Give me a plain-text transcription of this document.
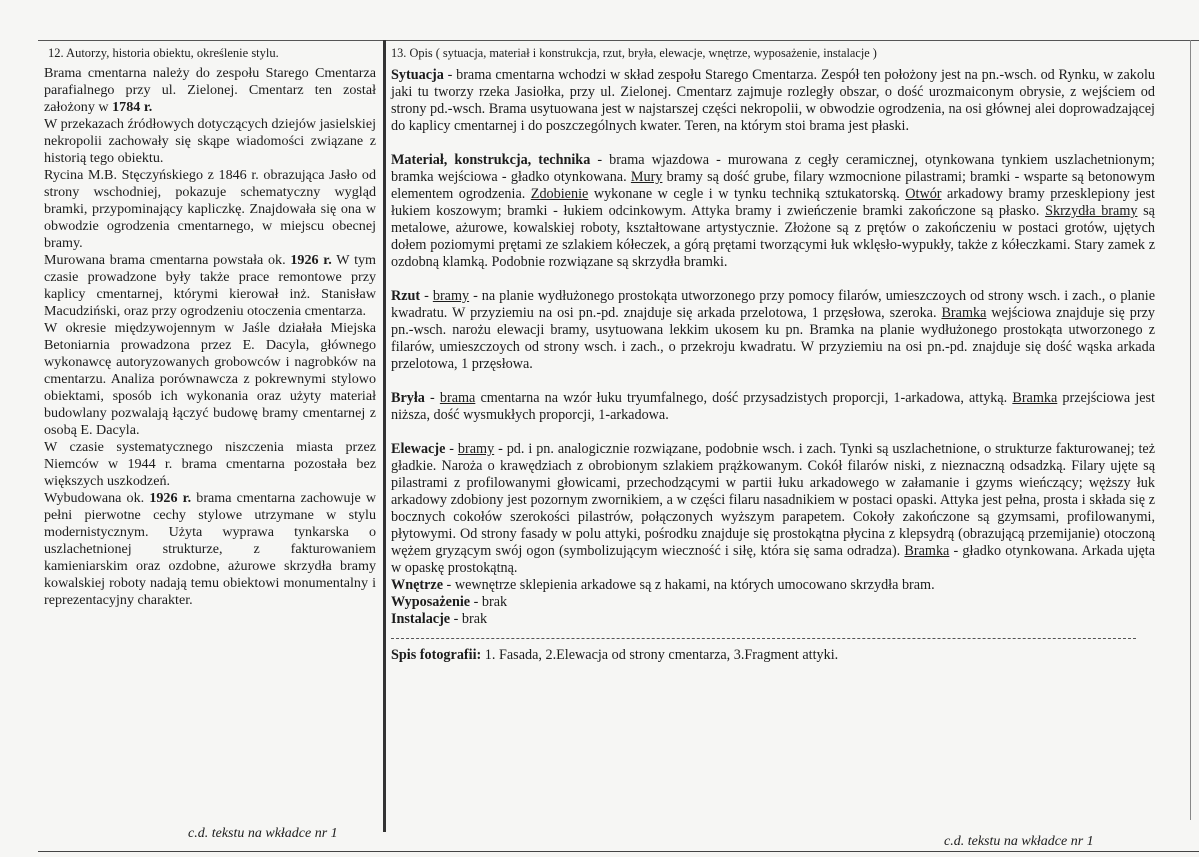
12. Autorzy, historia obiektu, określenie stylu.

Brama cmentarna należy do zespołu Starego Cmentarza parafialnego przy ul. Zielonej. Cmentarz ten został założony w 1784 r.

W przekazach źródłowych dotyczących dziejów jasielskiej nekropolii zachowały się skąpe wiadomości związane z historią tego obiektu.

Rycina M.B. Stęczyńskiego z 1846 r. obrazująca Jasło od strony wschodniej, pokazuje schematyczny wygląd bramki, przypominający kapliczkę. Znajdowała się ona w obwodzie ogrodzenia cmentarnego, w miejscu obecnej bramy.

Murowana brama cmentarna powstała ok. 1926 r. W tym czasie prowadzone były także prace remontowe przy kaplicy cmentarnej, którymi kierował inż. Stanisław Macudziński, oraz przy ogrodzeniu otoczenia cmentarza.

W okresie międzywojennym w Jaśle działała Miejska Betoniarnia prowadzona przez E. Dacyla, głównego wykonawcę autoryzowanych grobowców i nagrobków na cmentarzu. Analiza porównawcza z pokrewnymi stylowo obiektami, sposób ich wykonania oraz użyty materiał budowlany pozwalają łączyć budowę bramy cmentarnej z osobą E. Dacyla.

W czasie systematycznego niszczenia miasta przez Niemców w 1944 r. brama cmentarna pozostała bez większych uszkodzeń.

Wybudowana ok. 1926 r. brama cmentarna zachowuje w pełni pierwotne cechy stylowe utrzymane w stylu modernistycznym. Użyta wyprawa tynkarska o uszlachetnionej strukturze, z fakturowaniem kamieniarskim oraz ozdobne, ażurowe skrzydła bramy kowalskiej roboty nadają temu obiektowi monumentalny i reprezentacyjny charakter.

c.d. tekstu na wkładce nr 1
13. Opis ( sytuacja, materiał i konstrukcja, rzut, bryła, elewacje, wnętrze, wyposażenie, instalacje )

Sytuacja - brama cmentarna wchodzi w skład zespołu Starego Cmentarza. Zespół ten położony jest na pn.-wsch. od Rynku, w zakolu jaki tu tworzy rzeka Jasiołka, przy ul. Zielonej. Cmentarz zajmuje rozległy obszar, o dość urozmaiconym obrysie, z wejściem od strony pd.-wsch. Brama usytuowana jest w najstarszej części nekropolii, w obwodzie ogrodzenia, na osi głównej alei doprowadzającej do kaplicy cmentarnej i do poszczególnych kwater. Teren, na którym stoi brama jest płaski.

Materiał, konstrukcja, technika - brama wjazdowa - murowana z cegły ceramicznej, otynkowana tynkiem uszlachetnionym; bramka wejściowa - gładko otynkowana. Mury bramy są dość grube, filary wzmocnione pilastrami; bramki - wsparte są betonowym elementem ogrodzenia. Zdobienie wykonane w cegle i w tynku techniką sztukatorską. Otwór arkadowy bramy przesklepiony jest łukiem koszowym; bramki - łukiem odcinkowym. Attyka bramy i zwieńczenie bramki zakończone są płasko. Skrzydła bramy są metalowe, ażurowe, kowalskiej roboty, kształtowane artystycznie. Złożone są z prętów o zakończeniu w postaci grotów, ujętych dołem poziomymi prętami ze szlakiem kółeczek, a górą prętami tworzącymi łuk wklęsło-wypukły, także z kółeczkami. Stary zamek z ozdobną klamką. Podobnie rozwiązane są skrzydła bramki.

Rzut - bramy - na planie wydłużonego prostokąta utworzonego przy pomocy filarów, umieszczoych od strony wsch. i zach., o planie kwadratu. W przyziemiu na osi pn.-pd. znajduje się arkada przelotowa, 1 przęsłowa, szeroka. Bramka wejściowa znajduje się przy pn.-wsch. narożu elewacji bramy, usytuowana lekkim ukosem ku pn. Bramka na planie wydłużonego prostokąta utworzonego z filarów, umieszczoych od strony wsch. i zach., o przekroju kwadratu. W przyziemiu na osi pn.-pd. znajduje się dość wąska arkada przelotowa, 1 przęsłowa.

Bryła - brama cmentarna na wzór łuku tryumfalnego, dość przysadzistych proporcji, 1-arkadowa, attyką. Bramka przejściowa jest niższa, dość wysmukłych proporcji, 1-arkadowa.

Elewacje - bramy - pd. i pn. analogicznie rozwiązane, podobnie wsch. i zach. Tynki są uszlachetnione, o strukturze fakturowanej; też gładkie. Naroża o krawędziach z obrobionym szlakiem prążkowanym. Cokół filarów niski, z nieznaczną odsadzką. Filary ujęte są pilastrami z profilowanymi głowicami, przechodzącymi w partii łuku arkadowego w załamanie i gzyms wieńczący; węższy łuk arkadowy zdobiony jest pozornym zwornikiem, a w części filaru nasadnikiem w postaci opaski. Attyka jest pełna, prosta i składa się z bocznych cokołów szerokości pilastrów, połączonych wyższym parapetem. Cokoły zakończone są gzymsami, profilowanymi, płytowymi. Od strony fasady w polu attyki, pośrodku znajduje się prostokątna płycina z klepsydrą (obrazującą przemijanie) otoczoną wężem gryzącym swój ogon (symbolizującym wieczność i siłę, która się sama odradza). Bramka - gładko otynkowana. Arkada ujęta w opaskę prostokątną.

Wnętrze - wewnętrze sklepienia arkadowe są z hakami, na których umocowano skrzydła bram.

Wyposażenie - brak

Instalacje - brak

Spis fotografii: 1. Fasada, 2.Elewacja od strony cmentarza, 3.Fragment attyki.

c.d. tekstu na wkładce nr 1
